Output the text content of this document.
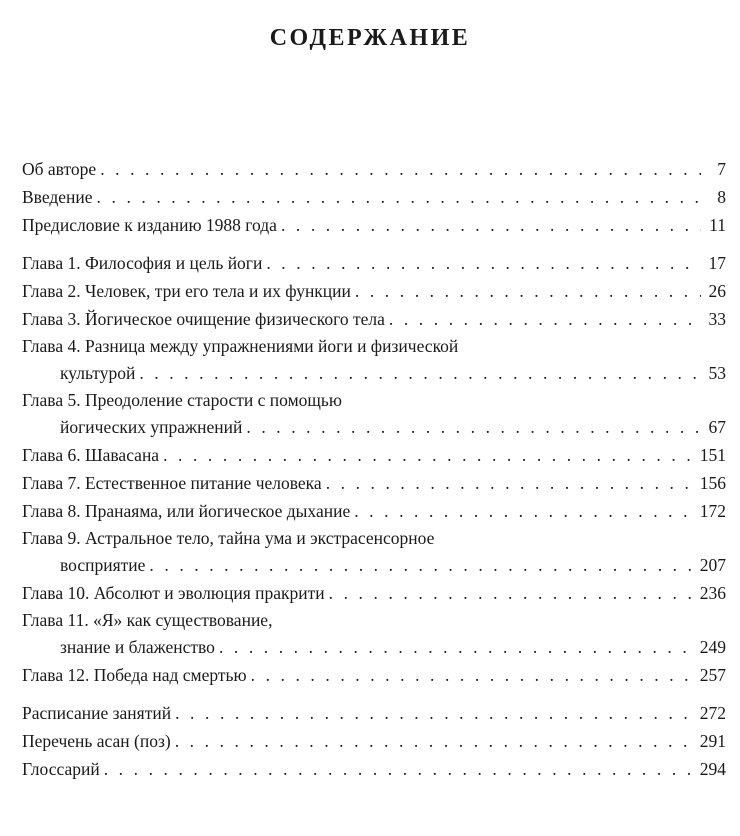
СОДЕРЖАНИЕ
Об авторе . . .	7
Введение . . .	8
Предисловие к изданию 1988 года . . .	11
Глава 1. Философия и цель йоги . . .	17
Глава 2. Человек, три его тела и их функции . . .	26
Глава 3. Йогическое очищение физического тела . . .	33
Глава 4. Разница между упражнениями йоги и физической
культурой . . .	53
Глава 5. Преодоление старости с помощью
йогических упражнений . . .	67
Глава 6. Шавасана . . .	151
Глава 7. Естественное питание человека . . .	156
Глава 8. Пранаяма, или йогическое дыхание . . .	172
Глава 9. Астральное тело, тайна ума и экстрасенсорное
восприятие . . .	207
Глава 10. Абсолют и эволюция пракрити . . .	236
Глава 11. «Я» как существование,
знание и блаженство . . .	249
Глава 12. Победа над смертью . . .	257
Расписание занятий . . .	272
Перечень асан (поз) . . .	291
Глоссарий . . .	294
